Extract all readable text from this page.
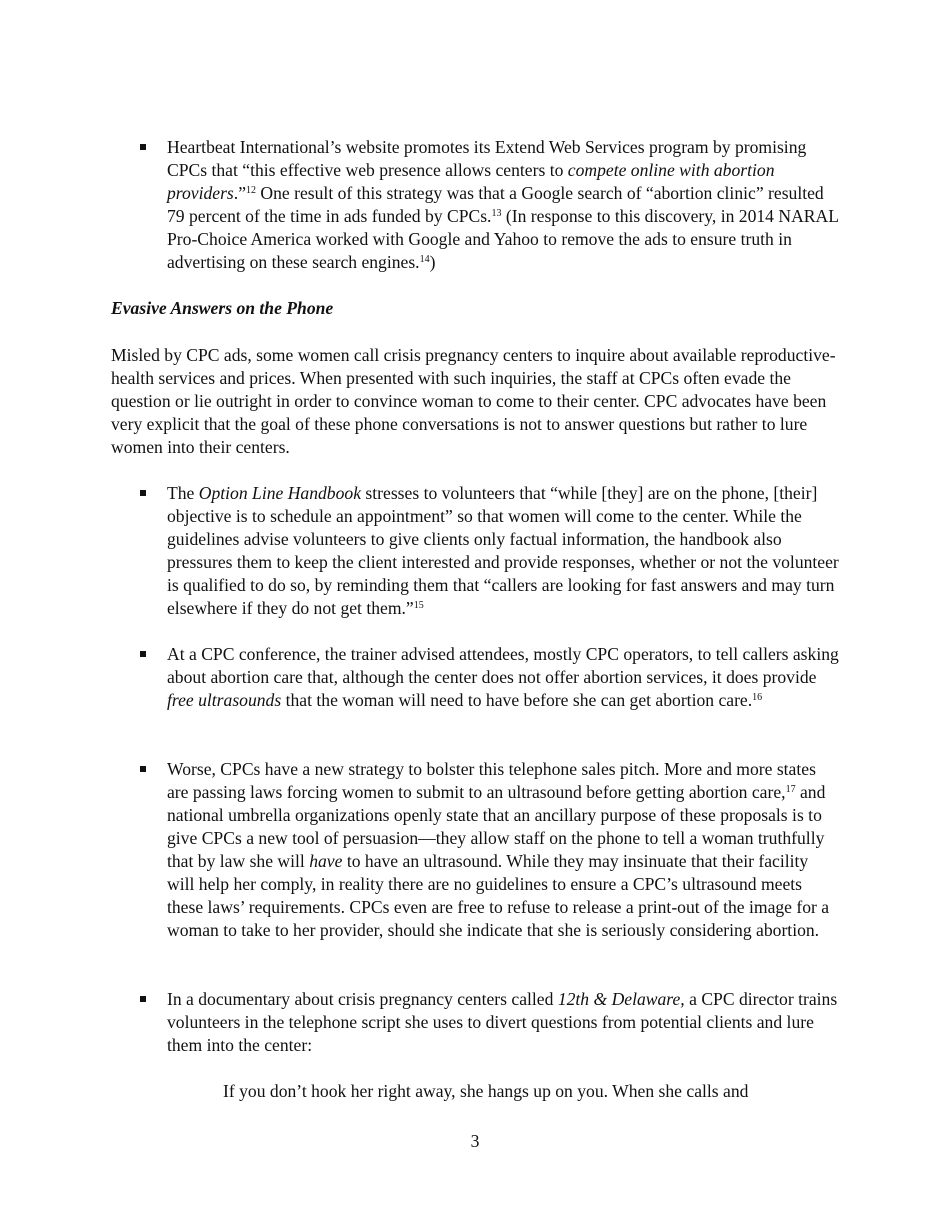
Heartbeat International’s website promotes its Extend Web Services program by promising CPCs that “this effective web presence allows centers to compete online with abortion providers.”$^{12}$ One result of this strategy was that a Google search of “abortion clinic” resulted 79 percent of the time in ads funded by CPCs.$^{13}$ (In response to this discovery, in 2014 NARAL Pro-Choice America worked with Google and Yahoo to remove the ads to ensure truth in advertising on these search engines.$^{14}$)

Evasive Answers on the Phone

Misled by CPC ads, some women call crisis pregnancy centers to inquire about available reproductive-health services and prices. When presented with such inquiries, the staff at CPCs often evade the question or lie outright in order to convince woman to come to their center. CPC advocates have been very explicit that the goal of these phone conversations is not to answer questions but rather to lure women into their centers.

The Option Line Handbook stresses to volunteers that “while [they] are on the phone, [their] objective is to schedule an appointment” so that women will come to the center. While the guidelines advise volunteers to give clients only factual information, the handbook also pressures them to keep the client interested and provide responses, whether or not the volunteer is qualified to do so, by reminding them that “callers are looking for fast answers and may turn elsewhere if they do not get them.”$^{15}$

At a CPC conference, the trainer advised attendees, mostly CPC operators, to tell callers asking about abortion care that, although the center does not offer abortion services, it does provide free ultrasounds that the woman will need to have before she can get abortion care.$^{16}$

Worse, CPCs have a new strategy to bolster this telephone sales pitch. More and more states are passing laws forcing women to submit to an ultrasound before getting abortion care,$^{17}$ and national umbrella organizations openly state that an ancillary purpose of these proposals is to give CPCs a new tool of persuasion—they allow staff on the phone to tell a woman truthfully that by law she will have to have an ultrasound. While they may insinuate that their facility will help her comply, in reality there are no guidelines to ensure a CPC’s ultrasound meets these laws’ requirements. CPCs even are free to refuse to release a print-out of the image for a woman to take to her provider, should she indicate that she is seriously considering abortion.

In a documentary about crisis pregnancy centers called 12th & Delaware, a CPC director trains volunteers in the telephone script she uses to divert questions from potential clients and lure them into the center:

If you don’t hook her right away, she hangs up on you. When she calls and

3
